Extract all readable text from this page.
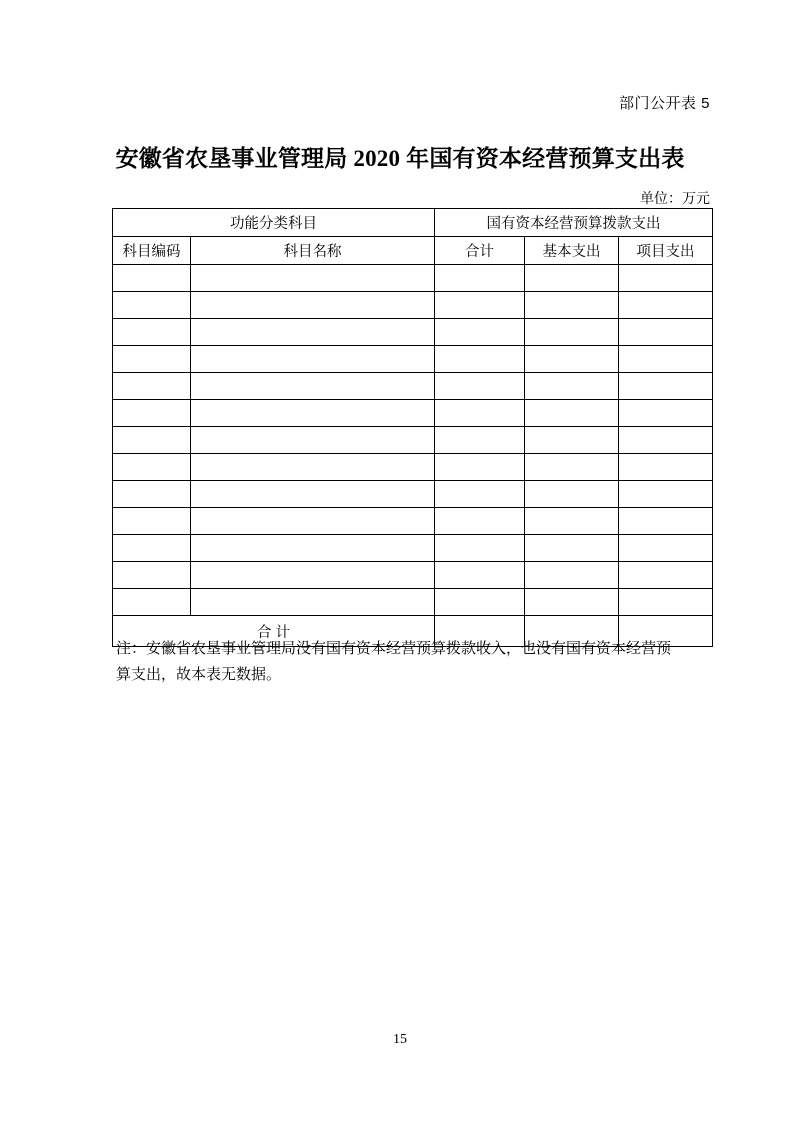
部门公开表 5
安徽省农垦事业管理局 2020 年国有资本经营预算支出表
单位：万元
功能分类科目		国有资本经营预算拨款支出		
科目编码	科目名称	合计	基本支出	项目支出

合 计				
注：安徽省农垦事业管理局没有国有资本经营预算拨款收入，也没有国有资本经营预
算支出，故本表无数据。
15
